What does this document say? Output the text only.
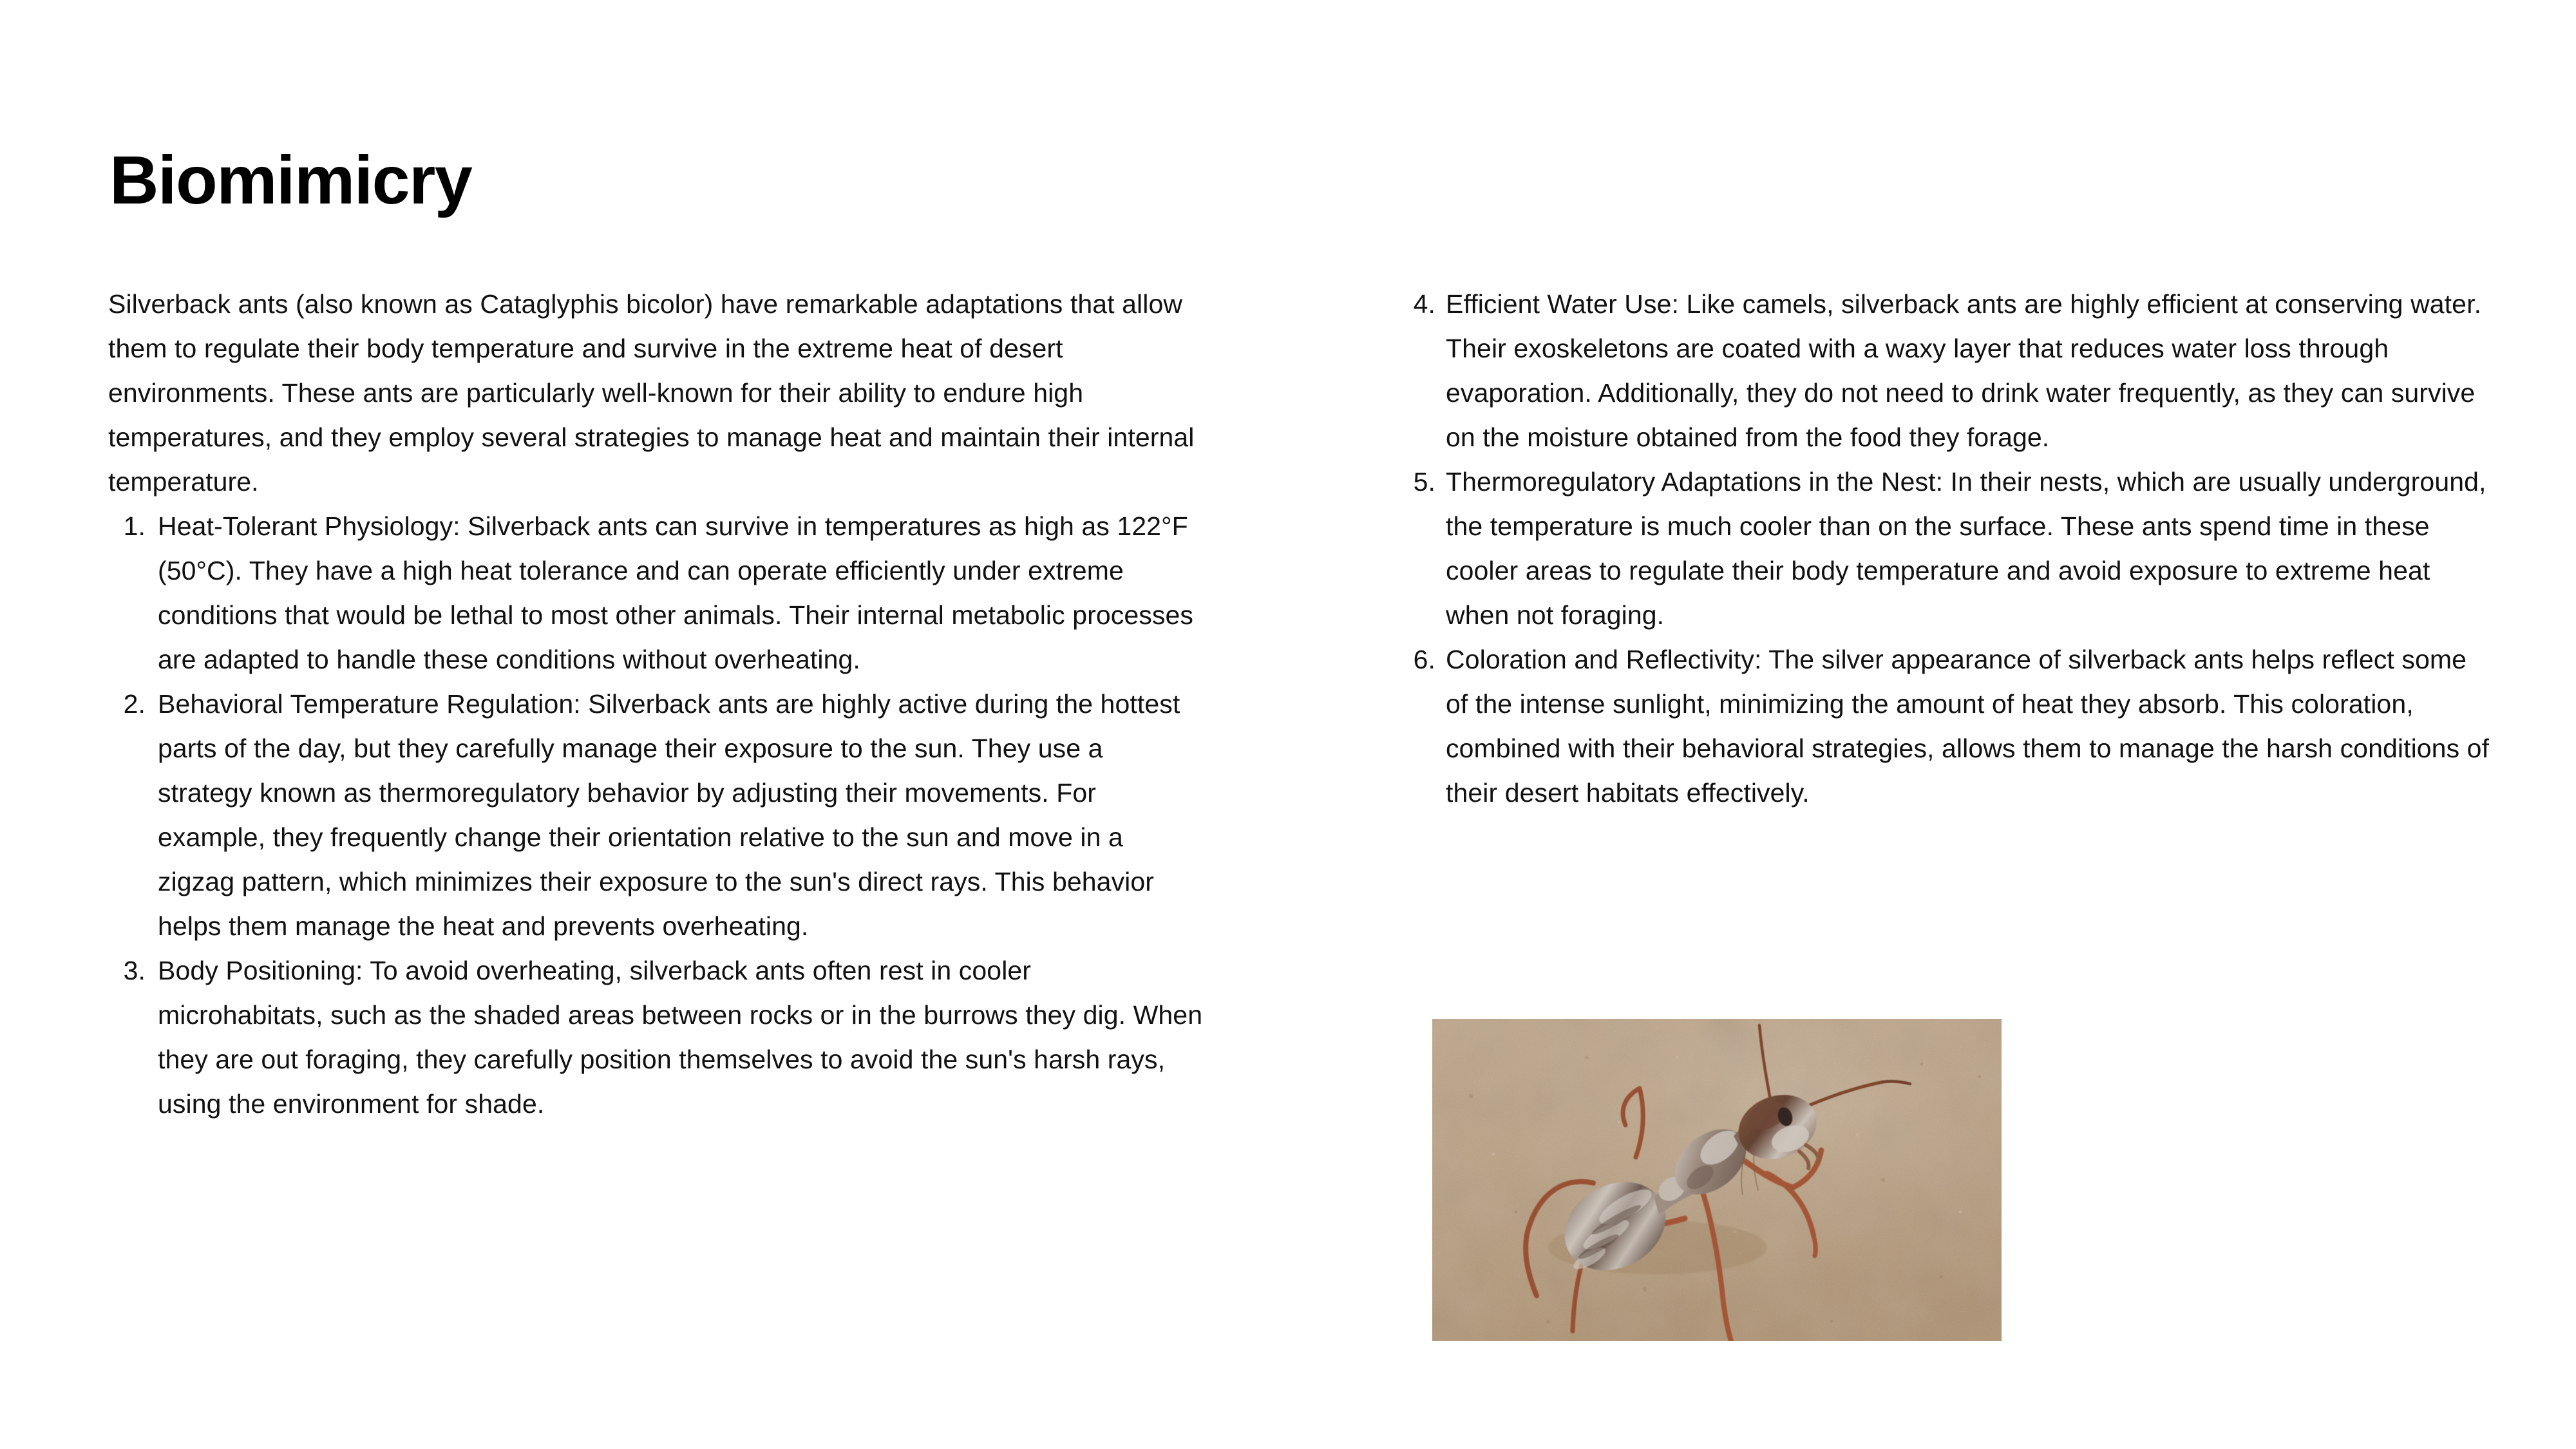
Biomimicry

Silverback ants (also known as Cataglyphis bicolor) have remarkable adaptations that allow them to regulate their body temperature and survive in the extreme heat of desert environments. These ants are particularly well-known for their ability to endure high temperatures, and they employ several strategies to manage heat and maintain their internal temperature.

1. Heat-Tolerant Physiology: Silverback ants can survive in temperatures as high as 122°F (50°C). They have a high heat tolerance and can operate efficiently under extreme conditions that would be lethal to most other animals. Their internal metabolic processes are adapted to handle these conditions without overheating.
2. Behavioral Temperature Regulation: Silverback ants are highly active during the hottest parts of the day, but they carefully manage their exposure to the sun. They use a strategy known as thermoregulatory behavior by adjusting their movements. For example, they frequently change their orientation relative to the sun and move in a zigzag pattern, which minimizes their exposure to the sun's direct rays. This behavior helps them manage the heat and prevents overheating.
3. Body Positioning: To avoid overheating, silverback ants often rest in cooler microhabitats, such as the shaded areas between rocks or in the burrows they dig. When they are out foraging, they carefully position themselves to avoid the sun's harsh rays, using the environment for shade.
4. Efficient Water Use: Like camels, silverback ants are highly efficient at conserving water. Their exoskeletons are coated with a waxy layer that reduces water loss through evaporation. Additionally, they do not need to drink water frequently, as they can survive on the moisture obtained from the food they forage.
5. Thermoregulatory Adaptations in the Nest: In their nests, which are usually underground, the temperature is much cooler than on the surface. These ants spend time in these cooler areas to regulate their body temperature and avoid exposure to extreme heat when not foraging.
6. Coloration and Reflectivity: The silver appearance of silverback ants helps reflect some of the intense sunlight, minimizing the amount of heat they absorb. This coloration, combined with their behavioral strategies, allows them to manage the harsh conditions of their desert habitats effectively.
